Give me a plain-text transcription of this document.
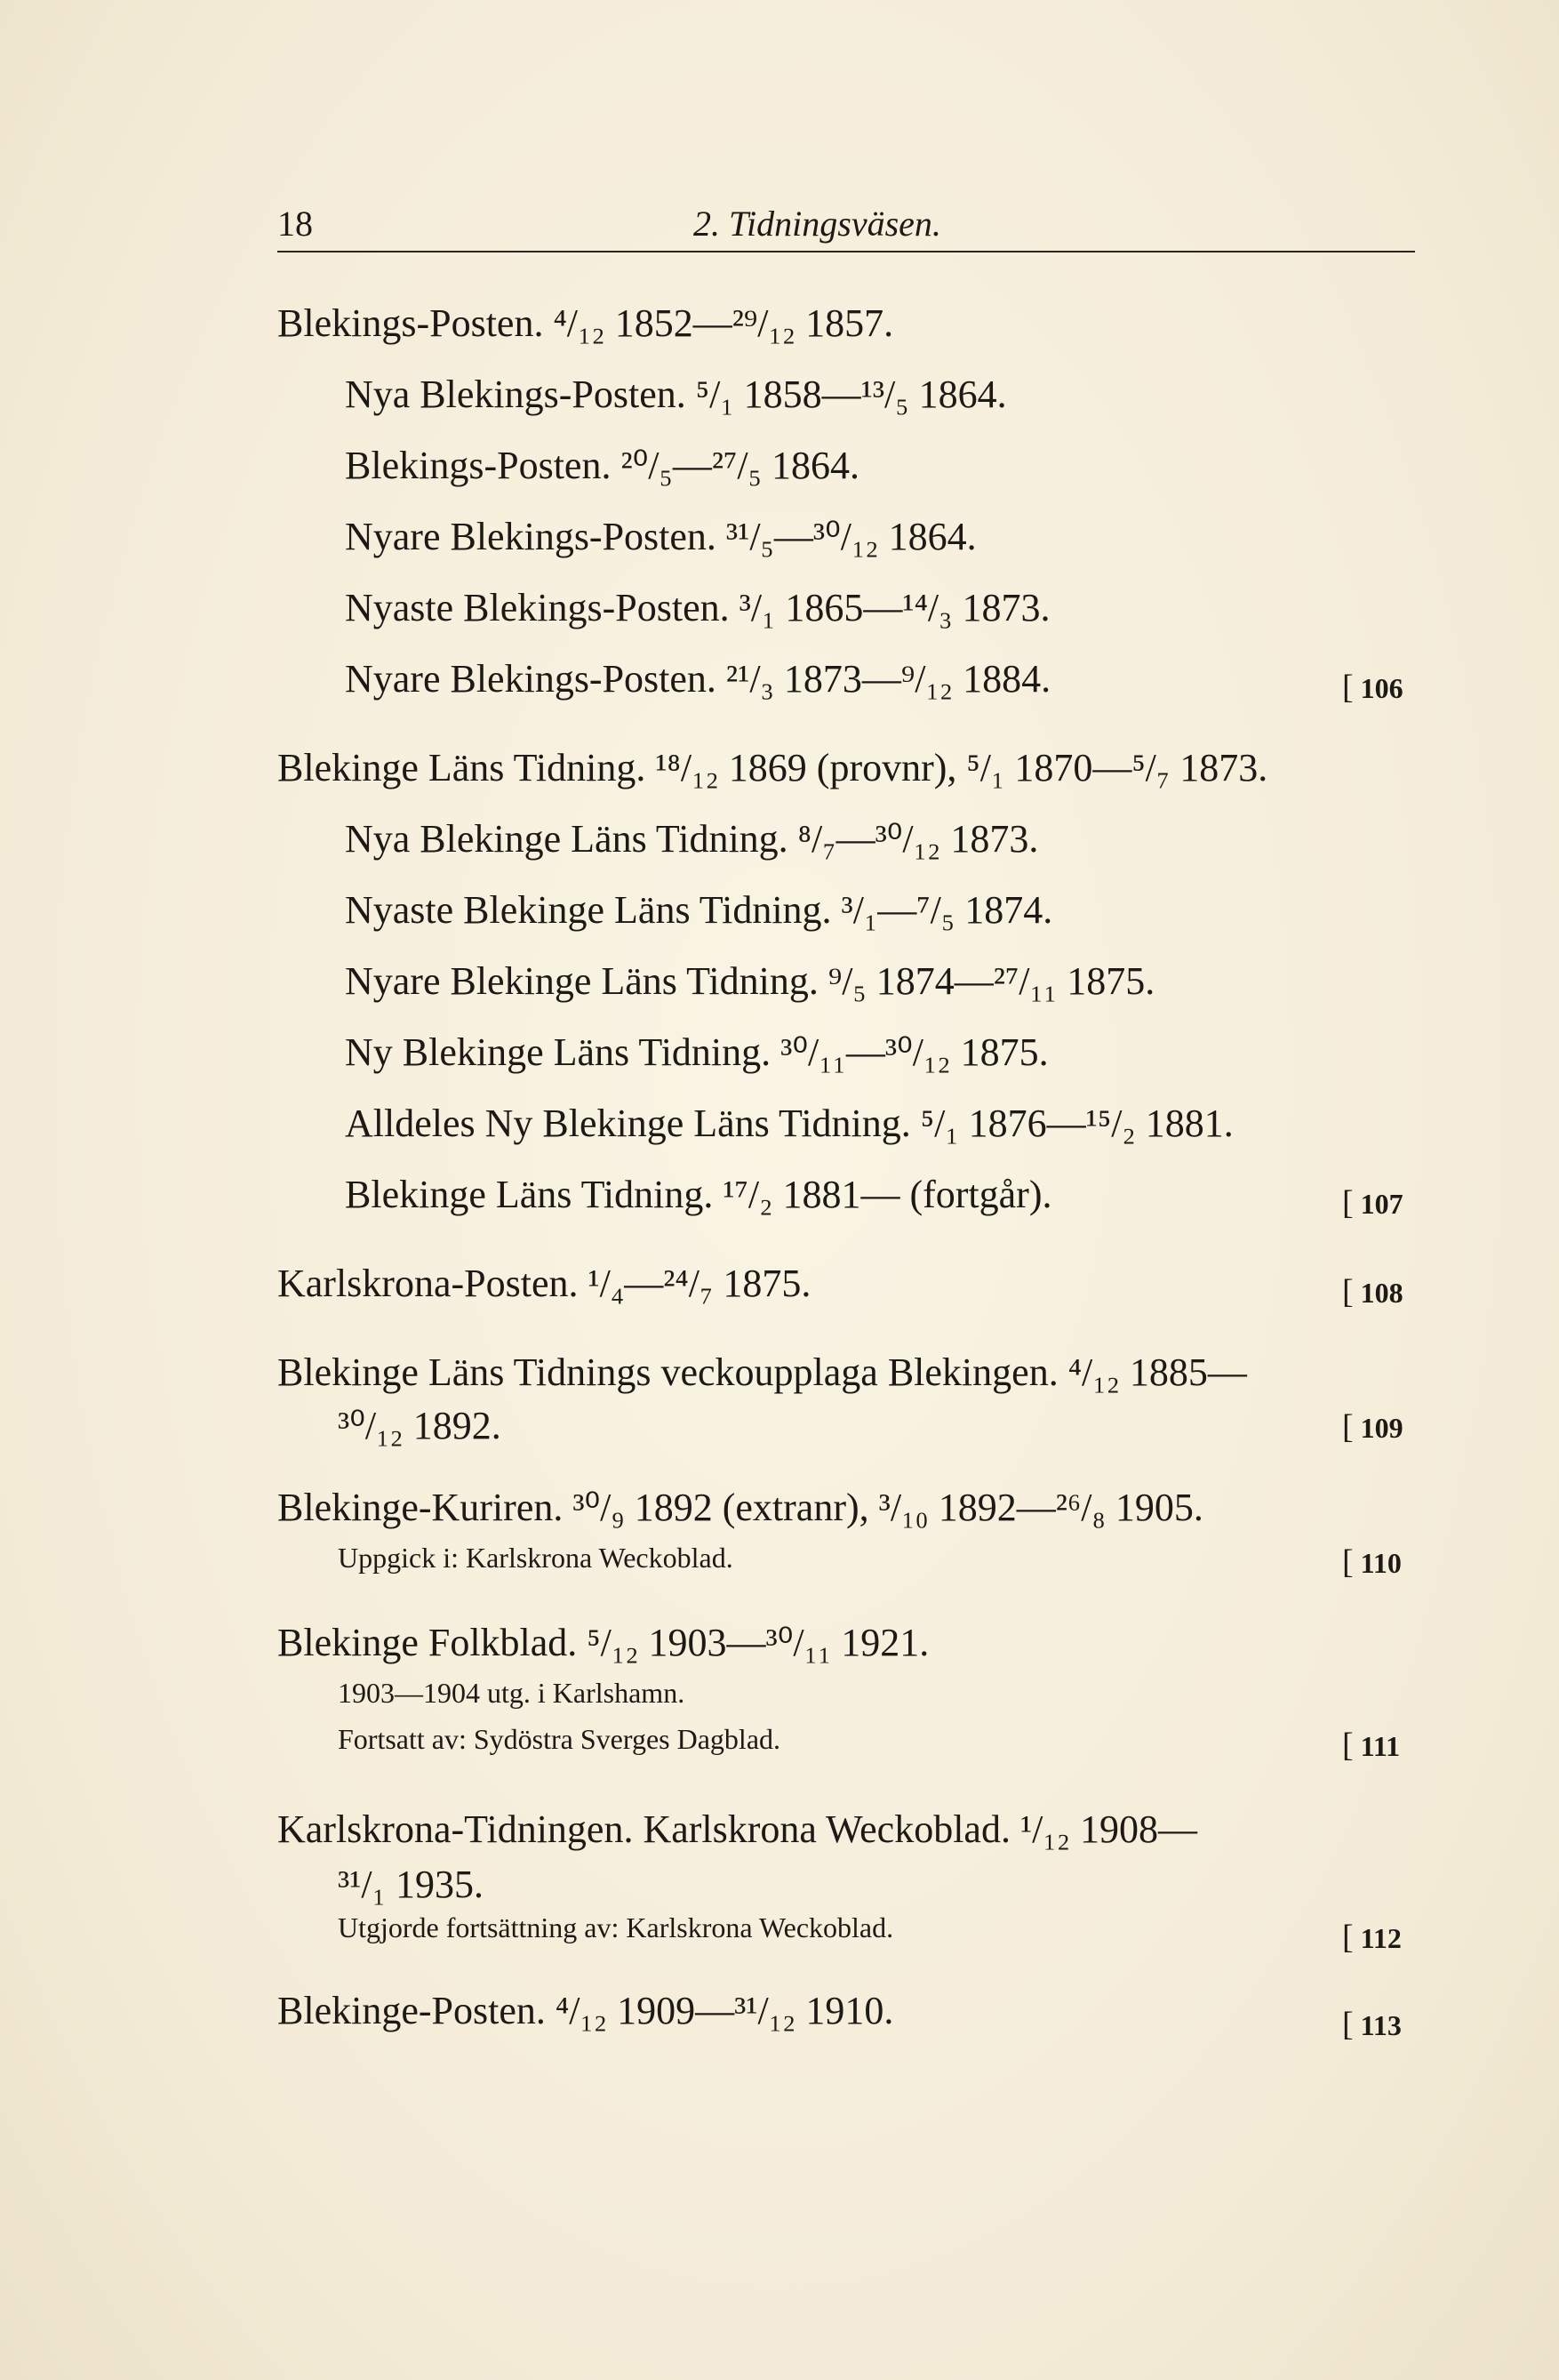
18	2. Tidningsväsen.
Blekings-Posten. ⁴/₁₂ 1852—²⁹/₁₂ 1857.
Nya Blekings-Posten. ⁵/₁ 1858—¹³/₅ 1864.
Blekings-Posten. ²⁰/₅—²⁷/₅ 1864.
Nyare Blekings-Posten. ³¹/₅—³⁰/₁₂ 1864.
Nyaste Blekings-Posten. ³/₁ 1865—¹⁴/₃ 1873.
Nyare Blekings-Posten. ²¹/₃ 1873—⁹/₁₂ 1884.
Blekinge Läns Tidning. ¹⁸/₁₂ 1869 (provnr), ⁵/₁ 1870—⁵/₇ 1873.
Nya Blekinge Läns Tidning. ⁸/₇—³⁰/₁₂ 1873.
Nyaste Blekinge Läns Tidning. ³/₁—⁷/₅ 1874.
Nyare Blekinge Läns Tidning. ⁹/₅ 1874—²⁷/₁₁ 1875.
Ny Blekinge Läns Tidning. ³⁰/₁₁—³⁰/₁₂ 1875.
Alldeles Ny Blekinge Läns Tidning. ⁵/₁ 1876—¹⁵/₂ 1881.
Blekinge Läns Tidning. ¹⁷/₂ 1881— (fortgår).
Karlskrona-Posten. ¹/₄—²⁴/₇ 1875.
Blekinge Läns Tidnings veckoupplaga Blekingen. ⁴/₁₂ 1885—
³⁰/₁₂ 1892.
Blekinge-Kuriren. ³⁰/₉ 1892 (extranr), ³/₁₀ 1892—²⁶/₈ 1905.
Uppgick i: Karlskrona Weckoblad.
Blekinge Folkblad. ⁵/₁₂ 1903—³⁰/₁₁ 1921.
1903—1904 utg. i Karlshamn.
Fortsatt av: Sydöstra Sverges Dagblad.
Karlskrona-Tidningen. Karlskrona Weckoblad. ¹/₁₂ 1908—
³¹/₁ 1935.
Utgjorde fortsättning av: Karlskrona Weckoblad.
Blekinge-Posten. ⁴/₁₂ 1909—³¹/₁₂ 1910.
[ 106
[ 107
[ 108
[ 109
[ 110
[ 111
[ 112
[ 113
